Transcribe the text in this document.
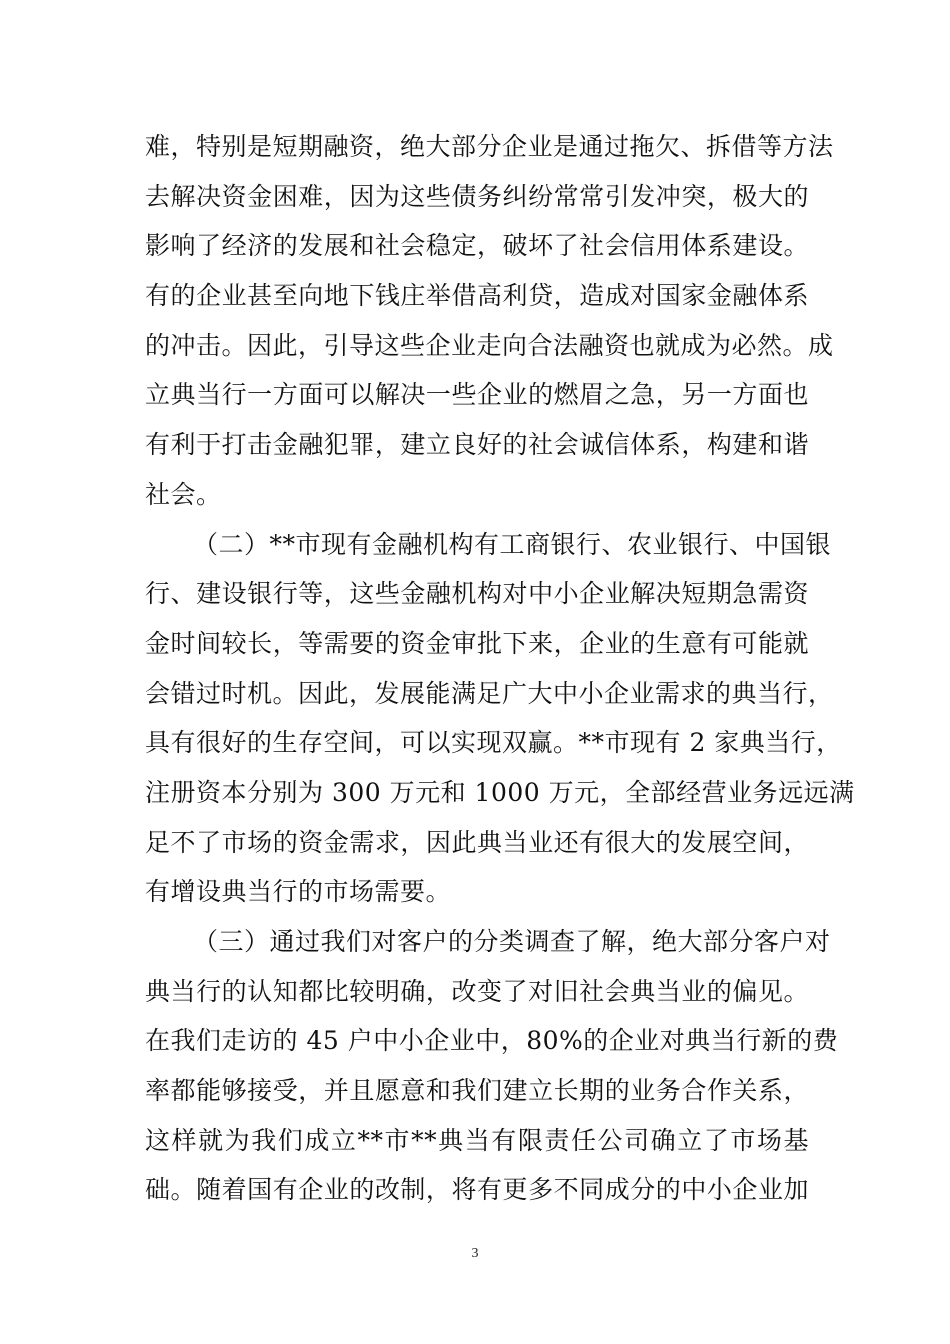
难，特别是短期融资，绝大部分企业是通过拖欠、拆借等方法
去解决资金困难，因为这些债务纠纷常常引发冲突，极大的
影响了经济的发展和社会稳定，破坏了社会信用体系建设。
有的企业甚至向地下钱庄举借高利贷，造成对国家金融体系
的冲击。因此，引导这些企业走向合法融资也就成为必然。成
立典当行一方面可以解决一些企业的燃眉之急，另一方面也
有利于打击金融犯罪，建立良好的社会诚信体系，构建和谐
社会。
（二）**市现有金融机构有工商银行、农业银行、中国银
行、建设银行等，这些金融机构对中小企业解决短期急需资
金时间较长，等需要的资金审批下来，企业的生意有可能就
会错过时机。因此，发展能满足广大中小企业需求的典当行，
具有很好的生存空间，可以实现双赢。**市现有 2 家典当行，
注册资本分别为 300 万元和 1000 万元，全部经营业务远远满
足不了市场的资金需求，因此典当业还有很大的发展空间，
有增设典当行的市场需要。
（三）通过我们对客户的分类调查了解，绝大部分客户对
典当行的认知都比较明确，改变了对旧社会典当业的偏见。
在我们走访的 45 户中小企业中，80%的企业对典当行新的费
率都能够接受，并且愿意和我们建立长期的业务合作关系，
这样就为我们成立**市**典当有限责任公司确立了市场基
础。随着国有企业的改制，将有更多不同成分的中小企业加
3
